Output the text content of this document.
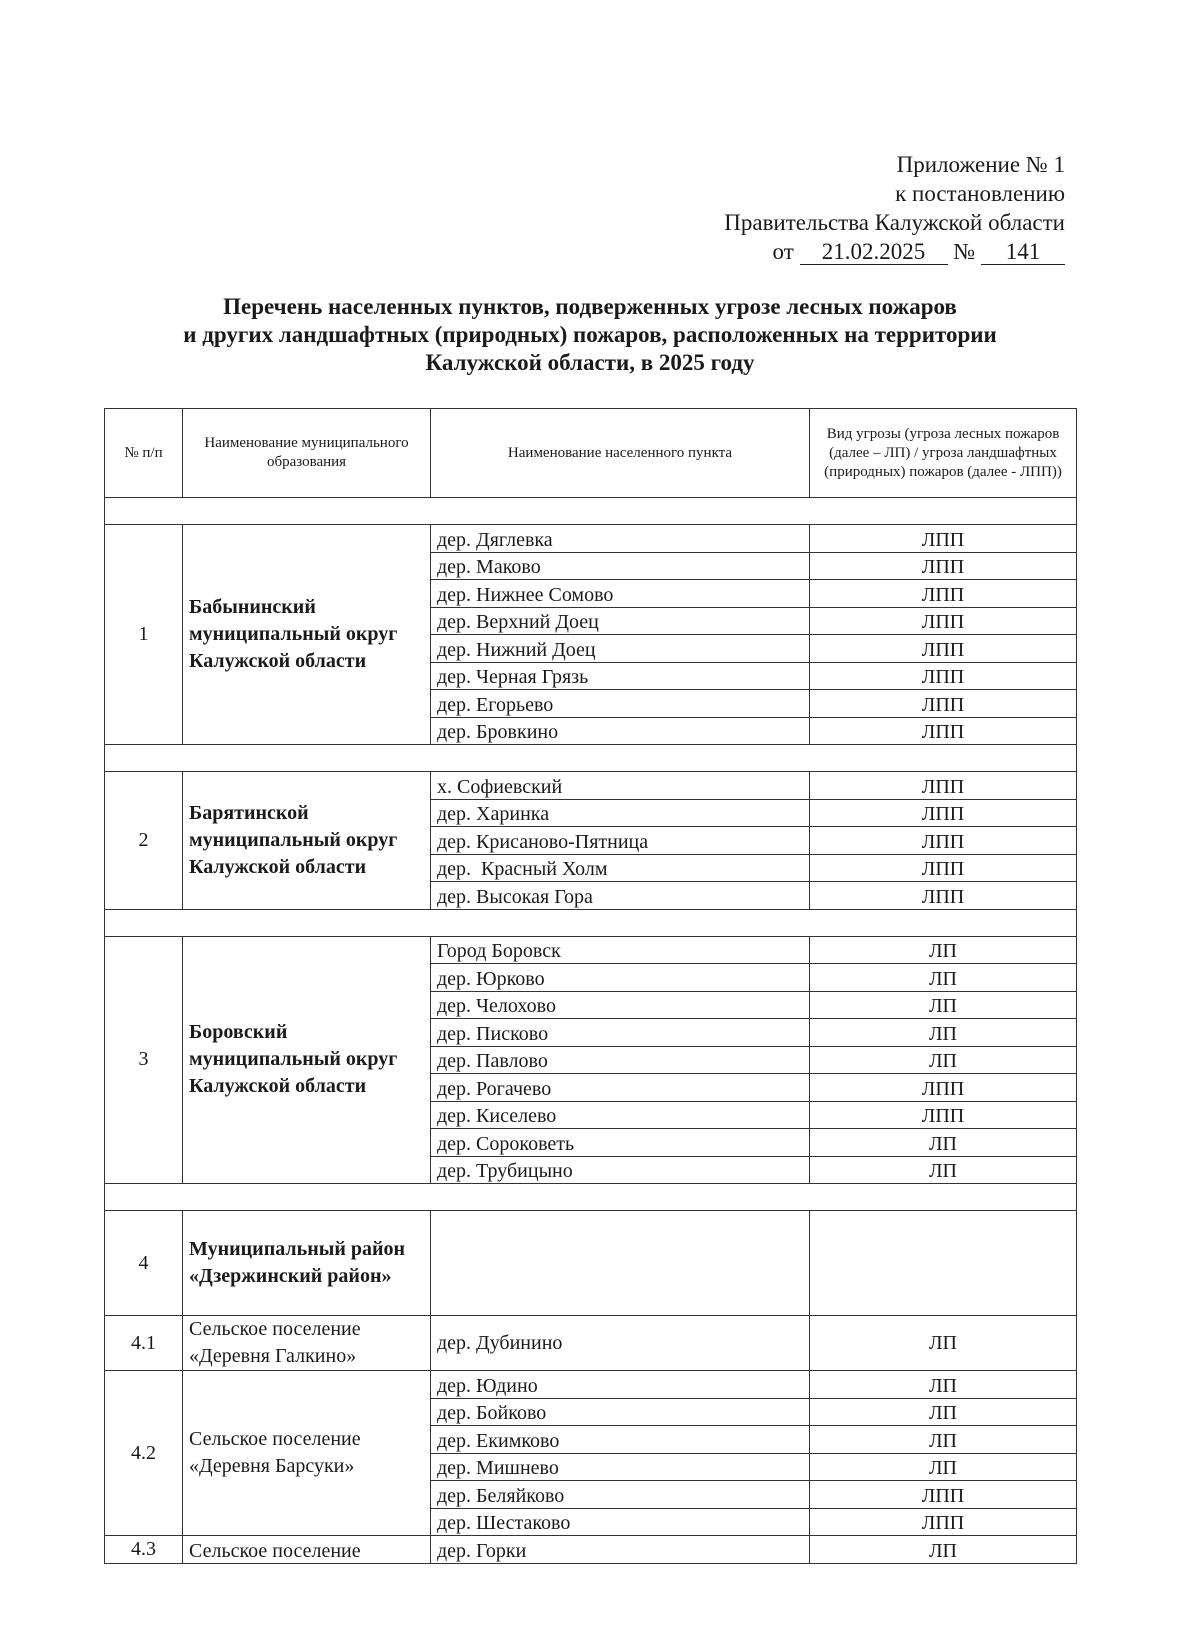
Приложение № 1
к постановлению
Правительства Калужской области
от 21.02.2025 № 141
Перечень населенных пунктов, подверженных угрозе лесных пожаров
и других ландшафтных (природных) пожаров, расположенных на территории
Калужской области, в 2025 году
№ п/п	Наименование муниципального образования	Наименование населенного пункта	Вид угрозы (угроза лесных пожаров (далее – ЛП) / угроза ландшафтных (природных) пожаров (далее - ЛПП))

1	Бабынинский муниципальный округ Калужской области	дер. Дяглевка	ЛПП
		дер. Маково	ЛПП
		дер. Нижнее Сомово	ЛПП
		дер. Верхний Доец	ЛПП
		дер. Нижний Доец	ЛПП
		дер. Черная Грязь	ЛПП
		дер. Егорьево	ЛПП
		дер. Бровкино	ЛПП

2	Барятинской муниципальный округ Калужской области	х. Софиевский	ЛПП
		дер. Харинка	ЛПП
		дер. Крисаново-Пятница	ЛПП
		дер.  Красный Холм	ЛПП
		дер. Высокая Гора	ЛПП

3	Боровский муниципальный округ Калужской области	Город Боровск	ЛП
		дер. Юрково	ЛП
		дер. Челохово	ЛП
		дер. Писково	ЛП
		дер. Павлово	ЛП
		дер. Рогачево	ЛПП
		дер. Киселево	ЛПП
		дер. Сороковеть	ЛП
		дер. Трубицыно	ЛП

4	Муниципальный район «Дзержинский район»		
4.1	Сельское поселение «Деревня Галкино»	дер. Дубинино	ЛП
4.2	Сельское поселение «Деревня Барсуки»	дер. Юдино	ЛП
		дер. Бойково	ЛП
		дер. Екимково	ЛП
		дер. Мишнево	ЛП
		дер. Беляйково	ЛПП
		дер. Шестаково	ЛПП
4.3	Сельское поселение	дер. Горки	ЛП
